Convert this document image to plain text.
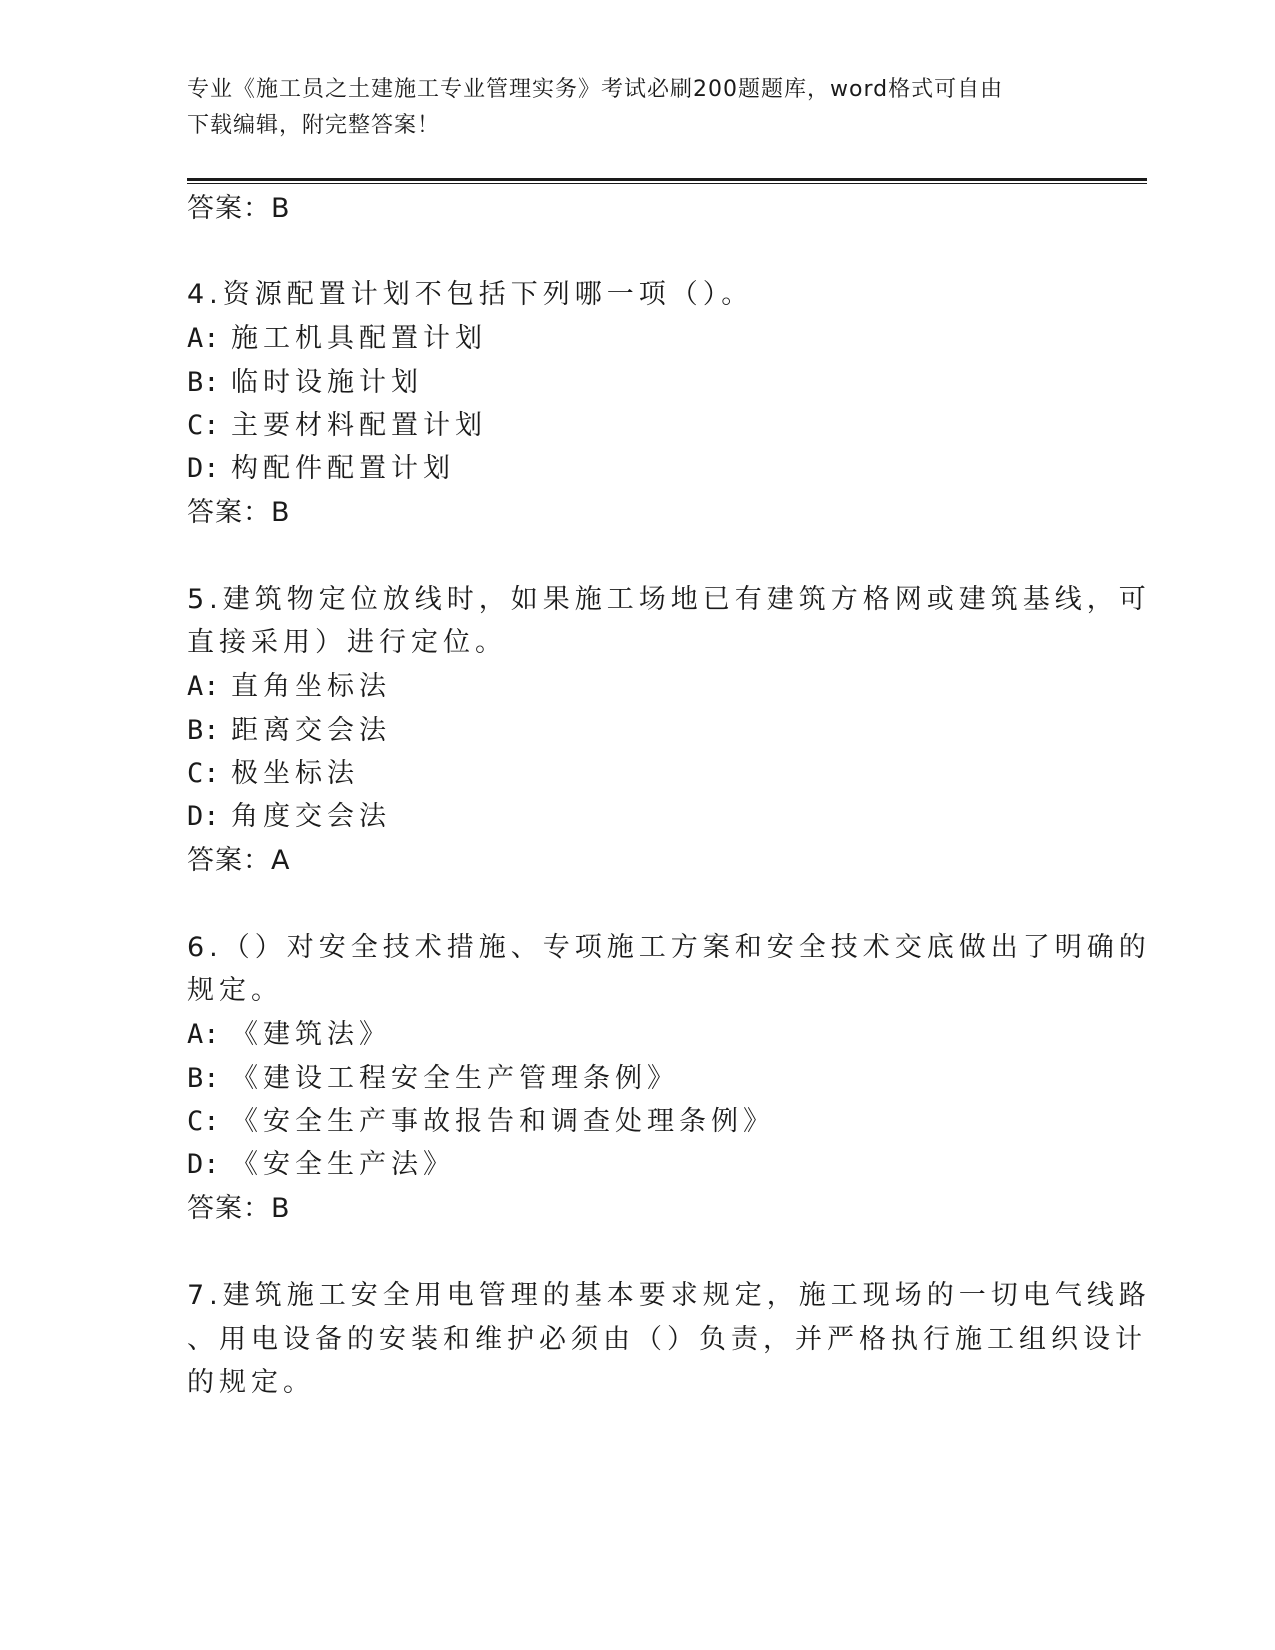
专业《施工员之土建施工专业管理实务》考试必刷200题题库，word格式可自由
下载编辑，附完整答案！
答案：B
4.资源配置计划不包括下列哪一项（）。
A: 施工机具配置计划
B: 临时设施计划
C: 主要材料配置计划
D: 构配件配置计划
答案：B
5.建筑物定位放线时，如果施工场地已有建筑方格网或建筑基线，可
直接采用）进行定位。
A: 直角坐标法
B: 距离交会法
C: 极坐标法
D: 角度交会法
答案：A
6.（）对安全技术措施、专项施工方案和安全技术交底做出了明确的
规定。
A: 《建筑法》
B: 《建设工程安全生产管理条例》
C: 《安全生产事故报告和调查处理条例》
D: 《安全生产法》
答案：B
7.建筑施工安全用电管理的基本要求规定，施工现场的一切电气线路
、用电设备的安装和维护必须由（）负责，并严格执行施工组织设计
的规定。
